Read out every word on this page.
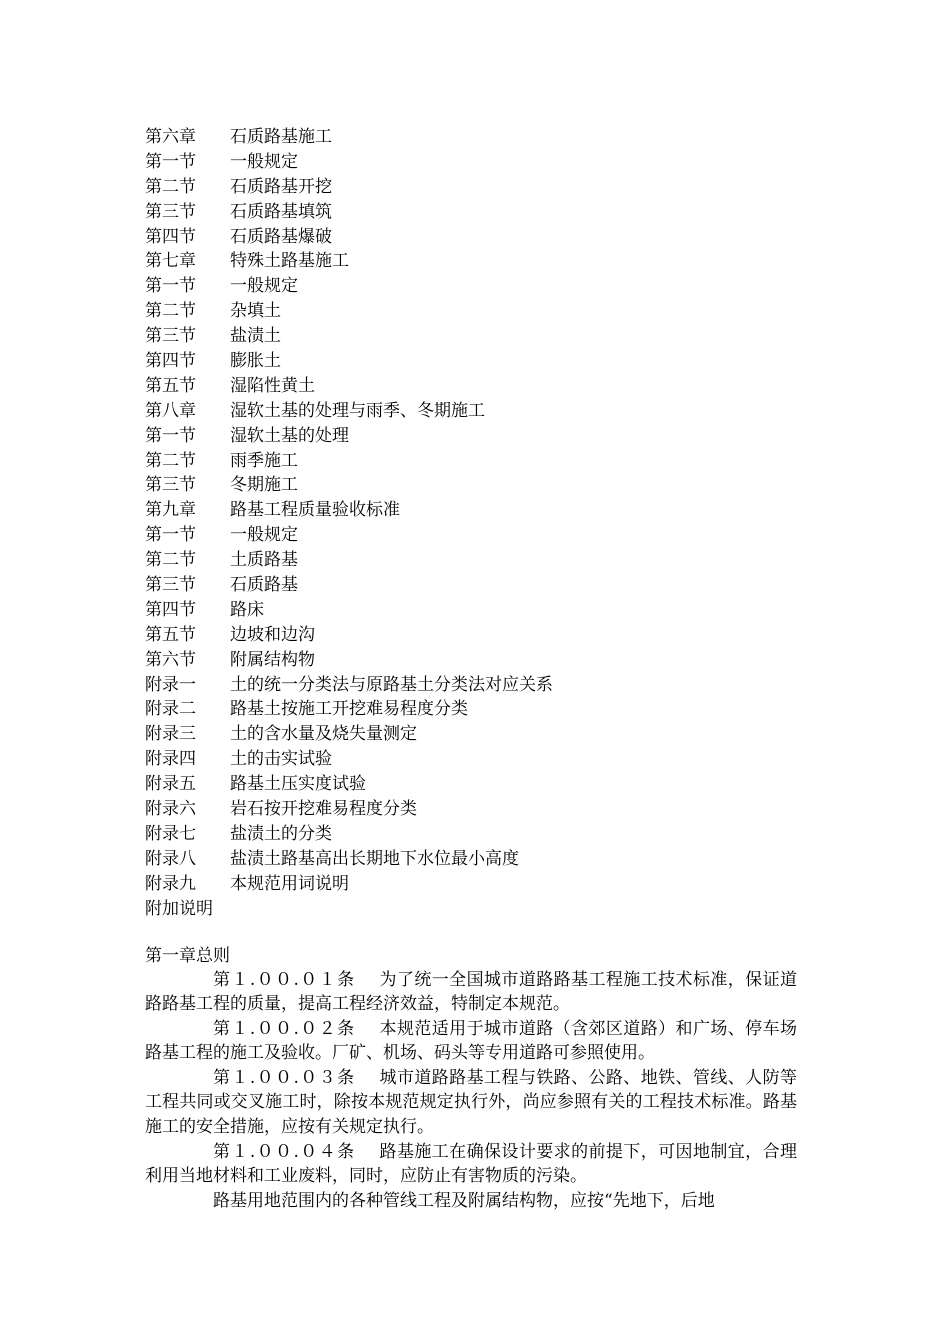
第六章	石质路基施工
第一节	一般规定
第二节	石质路基开挖
第三节	石质路基填筑
第四节	石质路基爆破
第七章	特殊土路基施工
第一节	一般规定
第二节	杂填土
第三节	盐渍土
第四节	膨胀土
第五节	湿陷性黄土
第八章	湿软土基的处理与雨季、冬期施工
第一节	湿软土基的处理
第二节	雨季施工
第三节	冬期施工
第九章	路基工程质量验收标准
第一节	一般规定
第二节	土质路基
第三节	石质路基
第四节	路床
第五节	边坡和边沟
第六节	附属结构物
附录一	土的统一分类法与原路基土分类法对应关系
附录二	路基土按施工开挖难易程度分类
附录三	土的含水量及烧失量测定
附录四	土的击实试验
附录五	路基土压实度试验
附录六	岩石按开挖难易程度分类
附录七	盐渍土的分类
附录八	盐渍土路基高出长期地下水位最小高度
附录九	本规范用词说明
附加说明
第一章总则

第１.００.０１条 为了统一全国城市道路路基工程施工技术标准，保证道路路基工程的质量，提高工程经济效益，特制定本规范。

第１.００.０２条 本规范适用于城市道路（含郊区道路）和广场、停车场路基工程的施工及验收。厂矿、机场、码头等专用道路可参照使用。

第１.００.０３条 城市道路路基工程与铁路、公路、地铁、管线、人防等工程共同或交叉施工时，除按本规范规定执行外，尚应参照有关的工程技术标准。路基施工的安全措施，应按有关规定执行。

第１.００.０４条 路基施工在确保设计要求的前提下，可因地制宜，合理利用当地材料和工业废料，同时，应防止有害物质的污染。

路基用地范围内的各种管线工程及附属结构物，应按“先地下，后地
